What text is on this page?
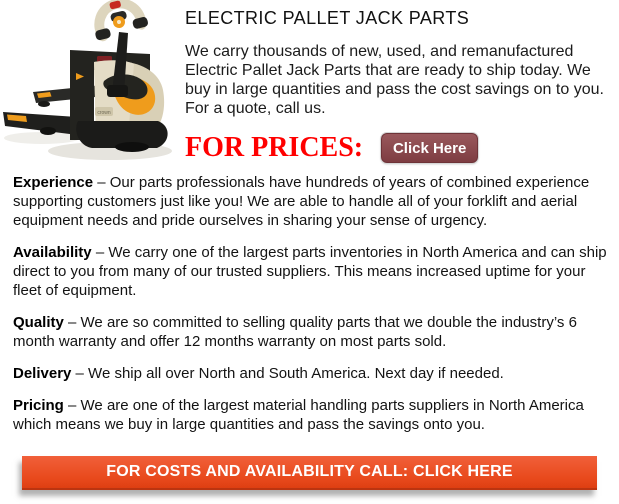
crown
ELECTRIC PALLET JACK PARTS

We carry thousands of new, used, and remanufactured Electric Pallet Jack Parts that are ready to ship today. We buy in large quantities and pass the cost savings on to you. For a quote, call us.

FOR PRICES:	Click Here

Experience – Our parts professionals have hundreds of years of combined experience supporting customers just like you! We are able to handle all of your forklift and aerial equipment needs and pride ourselves in sharing your sense of urgency.

Availability – We carry one of the largest parts inventories in North America and can ship direct to you from many of our trusted suppliers. This means increased uptime for your fleet of equipment.

Quality – We are so committed to selling quality parts that we double the industry’s 6 month warranty and offer 12 months warranty on most parts sold.

Delivery – We ship all over North and South America. Next day if needed.

Pricing – We are one of the largest material handling parts suppliers in North America which means we buy in large quantities and pass the savings onto you.

FOR COSTS AND AVAILABILITY CALL: CLICK HERE
